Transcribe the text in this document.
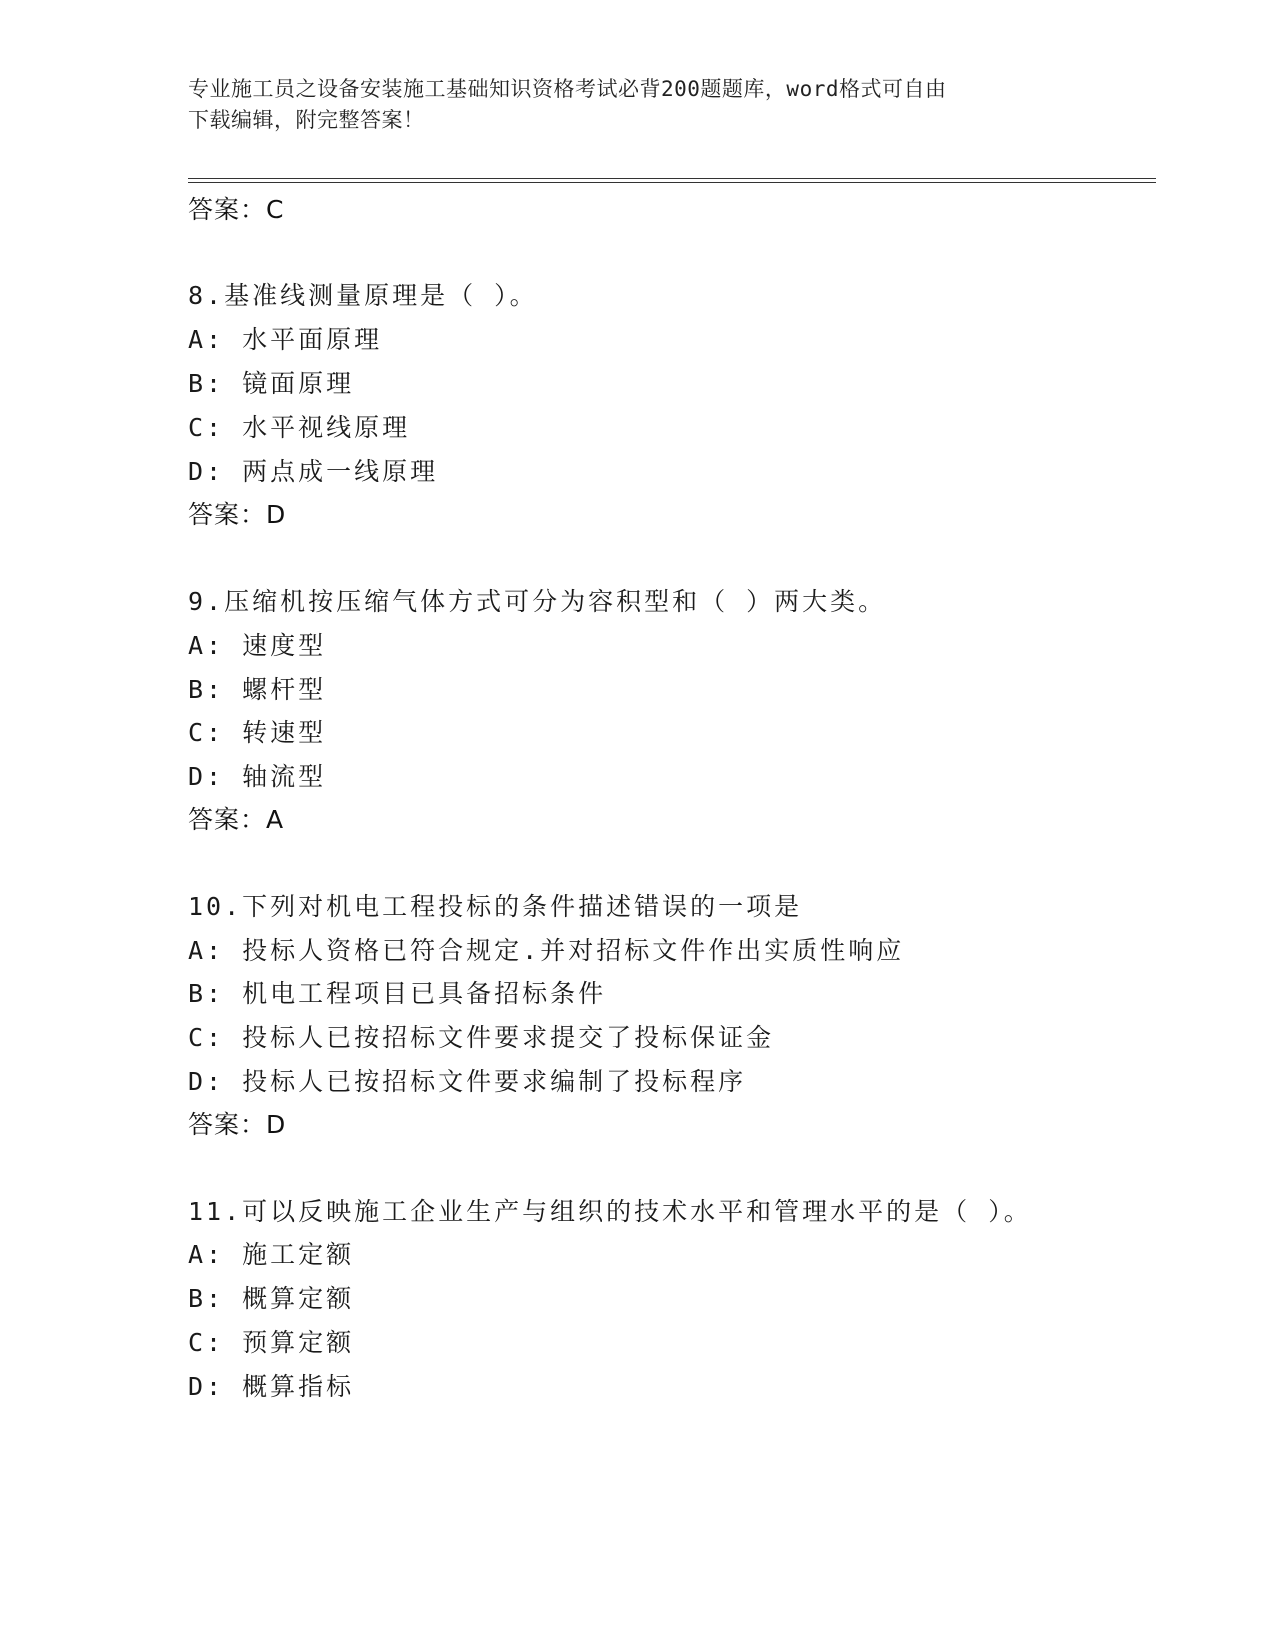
专业施工员之设备安装施工基础知识资格考试必背200题题库，word格式可自由
下载编辑，附完整答案！
答案：C
8.基准线测量原理是（ ）。
A: 水平面原理
B: 镜面原理
C: 水平视线原理
D: 两点成一线原理
答案：D
9.压缩机按压缩气体方式可分为容积型和（ ）两大类。
A: 速度型
B: 螺杆型
C: 转速型
D: 轴流型
答案：A
10.下列对机电工程投标的条件描述错误的一项是
A: 投标人资格已符合规定.并对招标文件作出实质性响应
B: 机电工程项目已具备招标条件
C: 投标人已按招标文件要求提交了投标保证金
D: 投标人已按招标文件要求编制了投标程序
答案：D
11.可以反映施工企业生产与组织的技术水平和管理水平的是（ ）。
A: 施工定额
B: 概算定额
C: 预算定额
D: 概算指标
